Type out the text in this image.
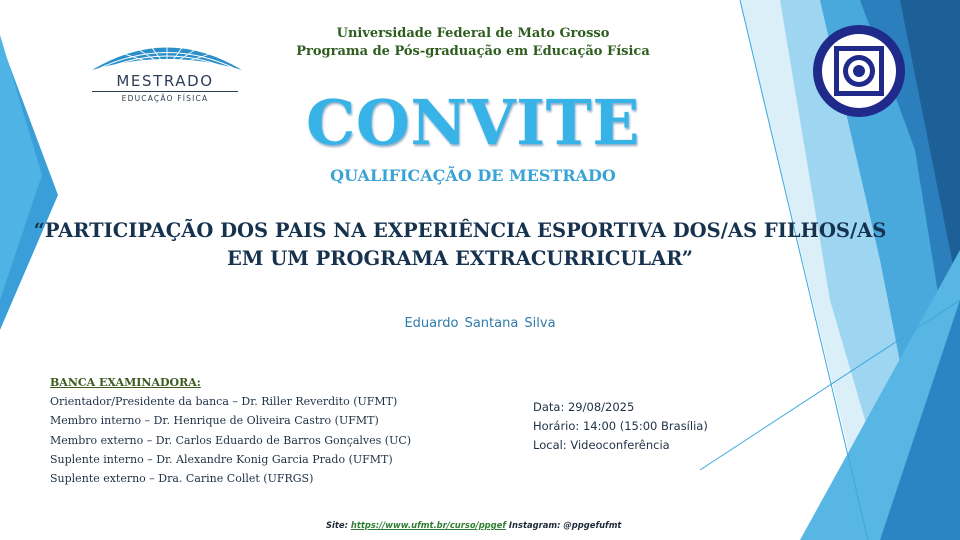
MESTRADO
EDUCAÇÃO FÍSICA
Universidade Federal de Mato Grosso
Programa de Pós-graduação em Educação Física
CONVITE
QUALIFICAÇÃO DE MESTRADO
“PARTICIPAÇÃO DOS PAIS NA EXPERIÊNCIA ESPORTIVA DOS/AS FILHOS/AS
EM UM PROGRAMA EXTRACURRICULAR”
Eduardo Santana Silva
BANCA EXAMINADORA:
Orientador/Presidente da banca – Dr. Riller Reverdito (UFMT)
Membro interno – Dr. Henrique de Oliveira Castro (UFMT)
Membro externo – Dr. Carlos Eduardo de Barros Gonçalves (UC)
Suplente interno – Dr. Alexandre Konig Garcia Prado (UFMT)
Suplente externo – Dra. Carine Collet (UFRGS)
Data: 29/08/2025
Horário: 14:00 (15:00 Brasília)
Local: Videoconferência
Site: https://www.ufmt.br/curso/ppgef Instagram: @ppgefufmt
